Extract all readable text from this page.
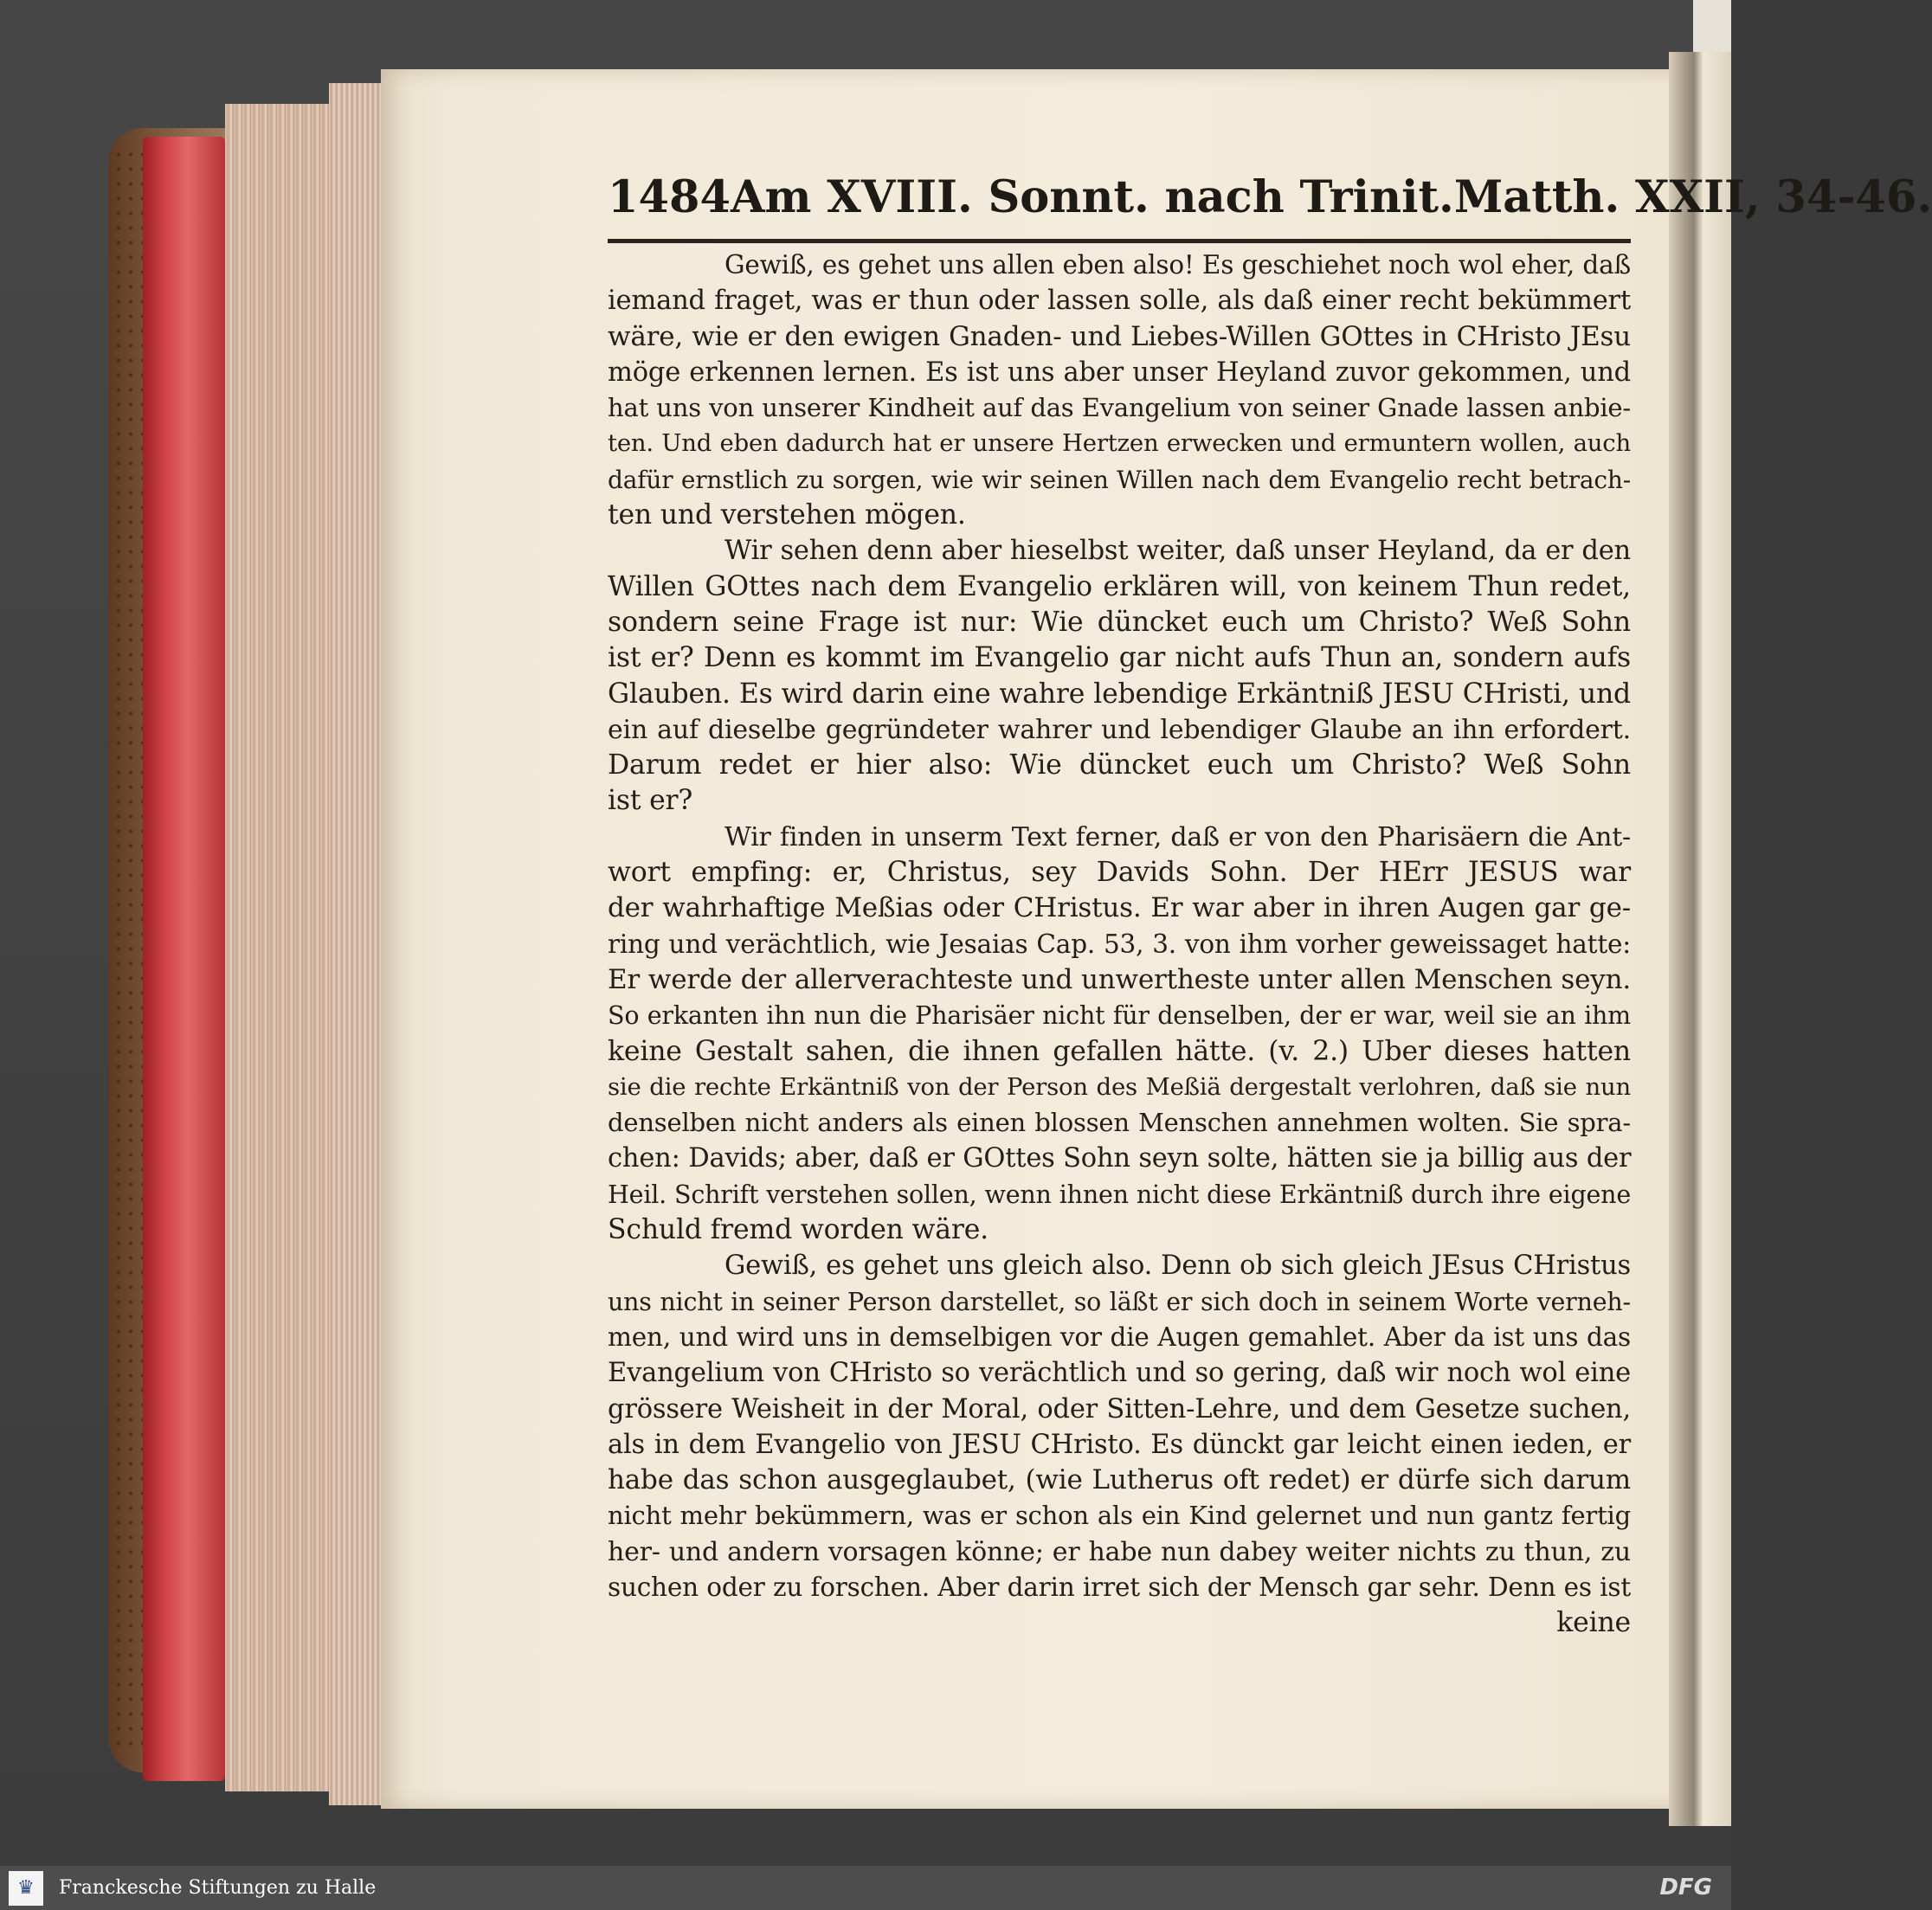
1484 Am XVIII. Sonnt. nach Trinit. Matth. XXII, 34-46.
Gewiß, es gehet uns allen eben also! Es geschiehet noch wol eher, daß
iemand fraget, was er thun oder lassen solle, als daß einer recht bekümmert
wäre, wie er den ewigen Gnaden- und Liebes-Willen GOttes in CHristo JEsu
möge erkennen lernen. Es ist uns aber unser Heyland zuvor gekommen, und
hat uns von unserer Kindheit auf das Evangelium von seiner Gnade lassen anbie-
ten. Und eben dadurch hat er unsere Hertzen erwecken und ermuntern wollen, auch
dafür ernstlich zu sorgen, wie wir seinen Willen nach dem Evangelio recht betrach-
ten und verstehen mögen.
Wir sehen denn aber hieselbst weiter, daß unser Heyland, da er den
Willen GOttes nach dem Evangelio erklären will, von keinem Thun redet,
sondern seine Frage ist nur: Wie düncket euch um Christo? Weß Sohn
ist er? Denn es kommt im Evangelio gar nicht aufs Thun an, sondern aufs
Glauben. Es wird darin eine wahre lebendige Erkäntniß JESU CHristi, und
ein auf dieselbe gegründeter wahrer und lebendiger Glaube an ihn erfordert.
Darum redet er hier also: Wie düncket euch um Christo? Weß Sohn
ist er?
Wir finden in unserm Text ferner, daß er von den Pharisäern die Ant-
wort empfing: er, Christus, sey Davids Sohn. Der HErr JESUS war
der wahrhaftige Meßias oder CHristus. Er war aber in ihren Augen gar ge-
ring und verächtlich, wie Jesaias Cap. 53, 3. von ihm vorher geweissaget hatte:
Er werde der allerverachteste und unwertheste unter allen Menschen seyn.
So erkanten ihn nun die Pharisäer nicht für denselben, der er war, weil sie an ihm
keine Gestalt sahen, die ihnen gefallen hätte. (v. 2.) Uber dieses hatten
sie die rechte Erkäntniß von der Person des Meßiä dergestalt verlohren, daß sie nun
denselben nicht anders als einen blossen Menschen annehmen wolten. Sie spra-
chen: Davids; aber, daß er GOttes Sohn seyn solte, hätten sie ja billig aus der
Heil. Schrift verstehen sollen, wenn ihnen nicht diese Erkäntniß durch ihre eigene
Schuld fremd worden wäre.
Gewiß, es gehet uns gleich also. Denn ob sich gleich JEsus CHristus
uns nicht in seiner Person darstellet, so läßt er sich doch in seinem Worte verneh-
men, und wird uns in demselbigen vor die Augen gemahlet. Aber da ist uns das
Evangelium von CHristo so verächtlich und so gering, daß wir noch wol eine
grössere Weisheit in der Moral, oder Sitten-Lehre, und dem Gesetze suchen,
als in dem Evangelio von JESU CHristo. Es dünckt gar leicht einen ieden, er
habe das schon ausgeglaubet, (wie Lutherus oft redet) er dürfe sich darum
nicht mehr bekümmern, was er schon als ein Kind gelernet und nun gantz fertig
her- und andern vorsagen könne; er habe nun dabey weiter nichts zu thun, zu
suchen oder zu forschen. Aber darin irret sich der Mensch gar sehr. Denn es ist
keine
♛	Franckesche Stiftungen zu Halle	DFG
